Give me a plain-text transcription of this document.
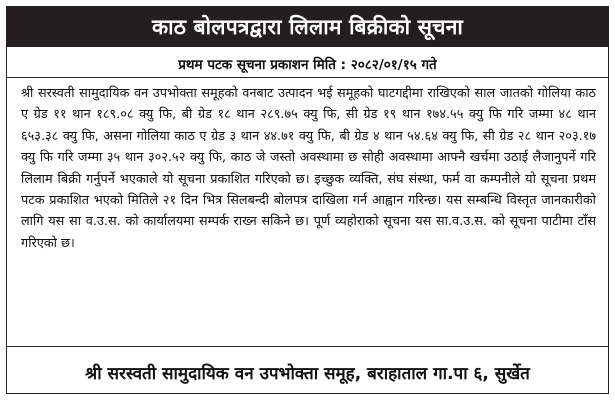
काठ बोलपत्रद्वारा लिलाम बिक्रीको सूचना
प्रथम पटक सूचना प्रकाशन मिति : २०८२/०१/१५ गते
श्री सरस्वती सामुदायिक वन उपभोक्ता समूहको वनबाट उत्पादन भई समूहको घाटगद्दीमा राखिएको साल जातको गोलिया काठ ए ग्रेड ११ थान १८९.०८ क्यु फि, बी ग्रेड १८ थान २८९.७५ क्यु फि, सी ग्रेड १९ थान १७४.५५ क्यु फि गरि जम्मा ४८ थान ६५३.३८ क्यु फि, असना गोलिया काठ ए ग्रेड ३ थान ४४.७१ क्यु फि, बी ग्रेड ४ थान ५४.६४ क्यु फि, सी ग्रेड २८ थान २०३.१७ क्यु फि गरि जम्मा ३५ थान ३०२.५२ क्यु फि, काठ जे जस्तो अवस्थामा छ सोही अवस्थामा आफ्नै खर्चमा उठाई लैजानुपर्ने गरि लिलाम बिक्री गर्नुपर्ने भएकाले यो सूचना प्रकाशित गरिएको छ। इच्छुक व्यक्ति, संघ संस्था, फर्म वा कम्पनीले यो सूचना प्रथम पटक प्रकाशित भएको मितिले २१ दिन भित्र सिलबन्दी बोलपत्र दाखिला गर्न आह्वान गरिन्छ। यस सम्बन्धि विस्तृत जानकारीको लागि यस सा व.उ.स. को कार्यालयमा सम्पर्क राख्न सकिने छ। पूर्ण व्यहोराको सूचना यस सा.व.उ.स. को सूचना पाटीमा टाँस गरिएको छ।
श्री सरस्वती सामुदायिक वन उपभोक्ता समूह, बराहाताल गा.पा ६, सुर्खेत
